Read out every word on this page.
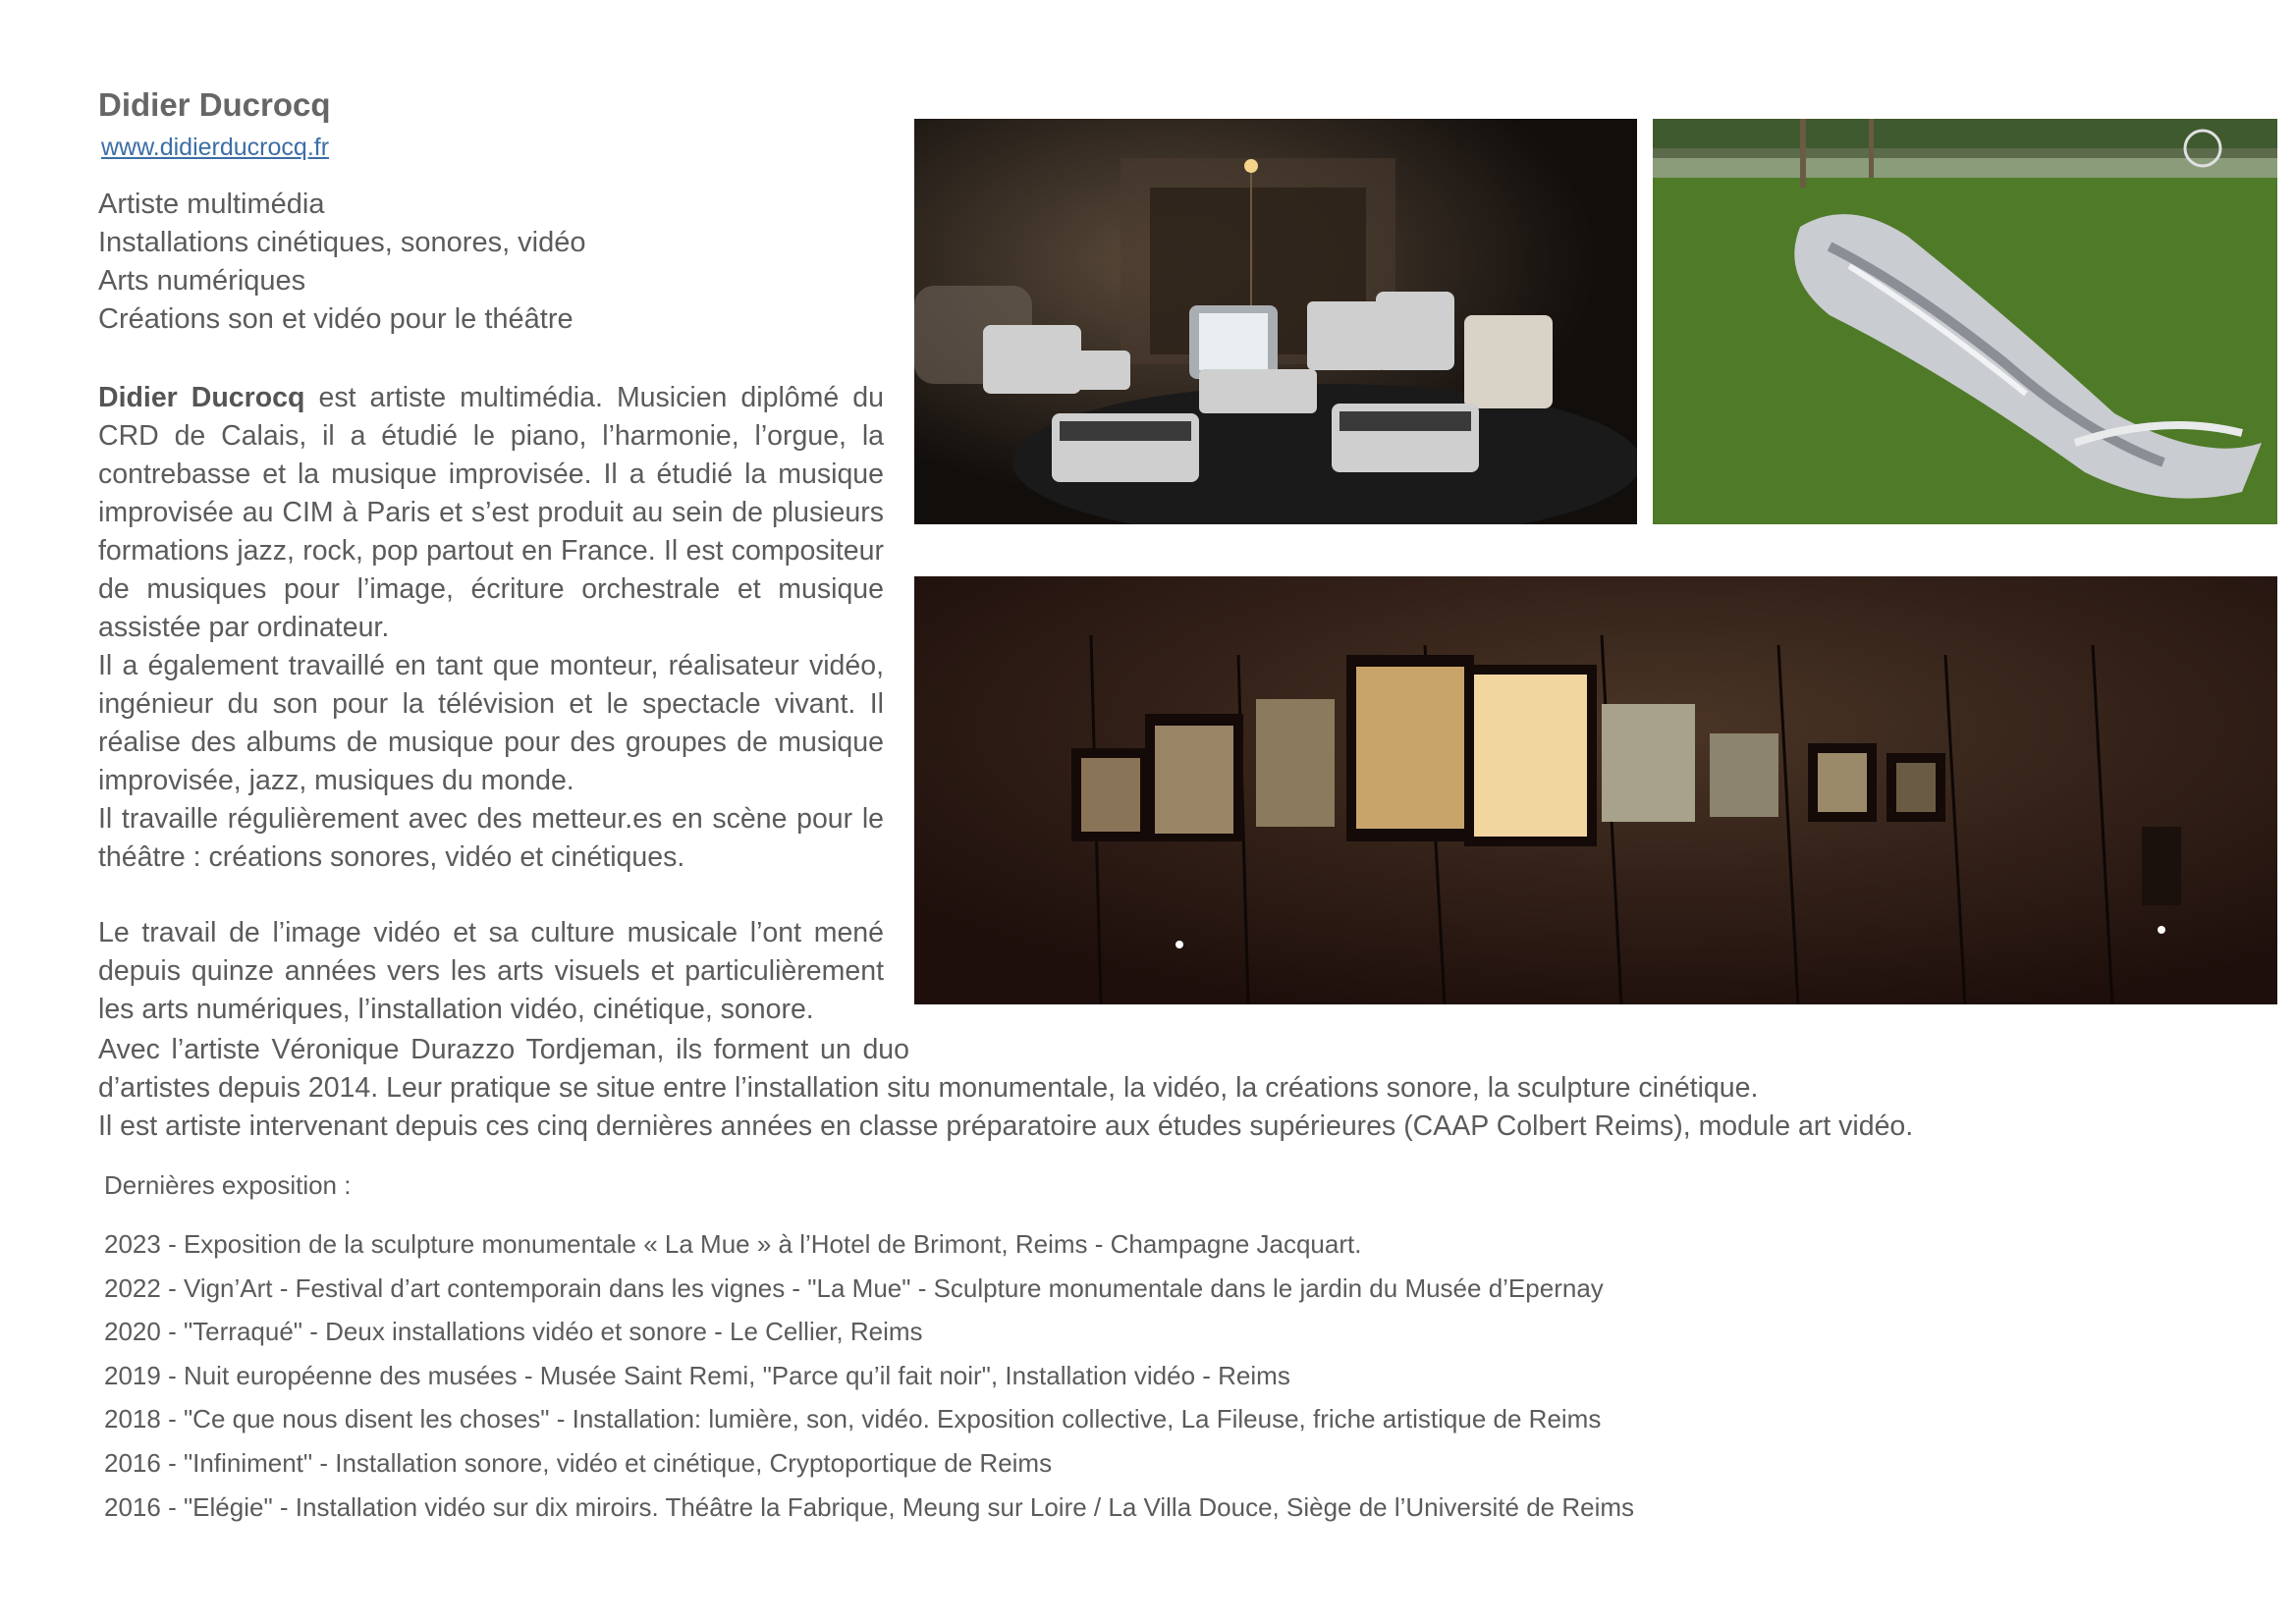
Didier Ducrocq
www.didierducrocq.fr
Artiste multimédia
Installations cinétiques, sonores, vidéo
Arts numériques
Créations son et vidéo pour le théâtre
Didier Ducrocq est artiste multimédia. Musicien diplômé du CRD de Calais, il a étudié le piano, l’harmonie, l’orgue, la contrebasse et la musique improvisée. Il a étudié la musique improvisée au CIM à Paris et s’est produit au sein de plusieurs formations jazz, rock, pop partout en France. Il est compositeur de musiques pour l’image, écriture orchestrale et musique assistée par ordinateur.
Il a également travaillé en tant que monteur, réalisateur vidéo, ingénieur du son pour la télévision et le spectacle vivant. Il réalise des albums de musique pour des groupes de musique improvisée, jazz, musiques du monde.
Il travaille régulièrement avec des metteur.es en scène pour le théâtre : créations sonores, vidéo et cinétiques.
Le travail de l’image vidéo et sa culture musicale l’ont mené depuis quinze années vers les arts visuels et particulièrement les arts numériques, l’installation vidéo, cinétique, sonore.
Avec l’artiste Véronique Durazzo Tordjeman, ils forment un duo
d’artistes depuis 2014. Leur pratique se situe entre l’installation situ monumentale, la vidéo, la créations sonore, la sculpture cinétique.
Il est artiste intervenant depuis ces cinq dernières années en classe préparatoire aux études supérieures (CAAP Colbert Reims), module art vidéo.
Dernières exposition :
2023 - Exposition de la sculpture monumentale « La Mue » à l’Hotel de Brimont, Reims - Champagne Jacquart.
2022 - Vign’Art - Festival d’art contemporain dans les vignes - "La Mue" - Sculpture monumentale dans le jardin du Musée d’Epernay
2020 - "Terraqué" - Deux installations vidéo et sonore - Le Cellier, Reims
2019 - Nuit européenne des musées - Musée Saint Remi, "Parce qu’il fait noir", Installation vidéo - Reims
2018 - "Ce que nous disent les choses" - Installation: lumière, son, vidéo. Exposition collective, La Fileuse, friche artistique de Reims
2016 - "Infiniment" - Installation sonore, vidéo et cinétique, Cryptoportique de Reims
2016 - "Elégie" - Installation vidéo sur dix miroirs. Théâtre la Fabrique, Meung sur Loire / La Villa Douce, Siège de l’Université de Reims
